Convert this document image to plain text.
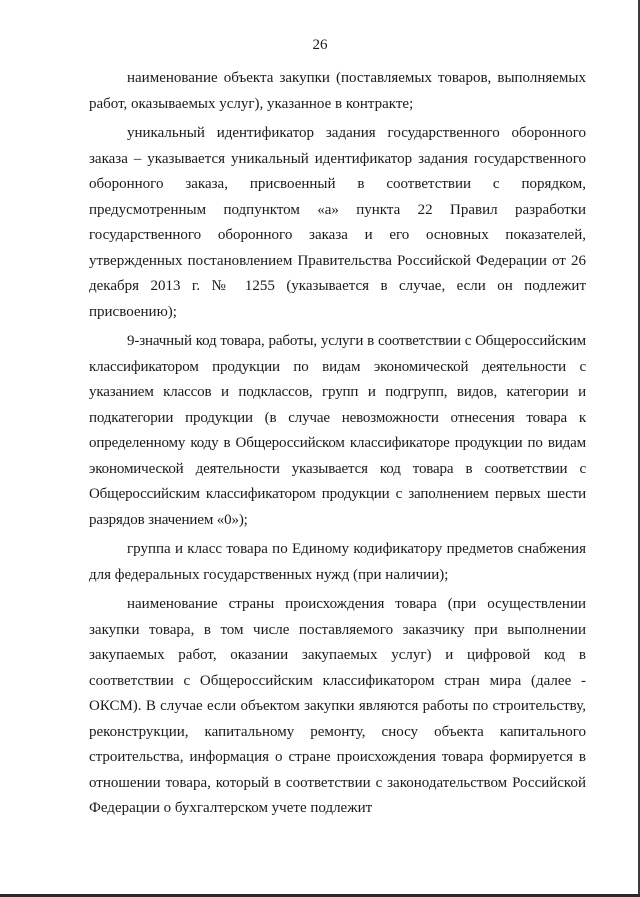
26

наименование объекта закупки (поставляемых товаров, выполняемых работ, оказываемых услуг), указанное в контракте;

уникальный идентификатор задания государственного оборонного заказа – указывается уникальный идентификатор задания государственного оборонного заказа, присвоенный в соответствии с порядком, предусмотренным подпунктом «а» пункта 22 Правил разработки государственного оборонного заказа и его основных показателей, утвержденных постановлением Правительства Российской Федерации от 26 декабря 2013 г. № 1255 (указывается в случае, если он подлежит присвоению);

9-значный код товара, работы, услуги в соответствии с Общероссийским классификатором продукции по видам экономической деятельности с указанием классов и подклассов, групп и подгрупп, видов, категории и подкатегории продукции (в случае невозможности отнесения товара к определенному коду в Общероссийском классификаторе продукции по видам экономической деятельности указывается код товара в соответствии с Общероссийским классификатором продукции с заполнением первых шести разрядов значением «0»);

группа и класс товара по Единому кодификатору предметов снабжения для федеральных государственных нужд (при наличии);

наименование страны происхождения товара (при осуществлении закупки товара, в том числе поставляемого заказчику при выполнении закупаемых работ, оказании закупаемых услуг) и цифровой код в соответствии с Общероссийским классификатором стран мира (далее - ОКСМ). В случае если объектом закупки являются работы по строительству, реконструкции, капитальному ремонту, сносу объекта капитального строительства, информация о стране происхождения товара формируется в отношении товара, который в соответствии с законодательством Российской Федерации о бухгалтерском учете подлежит
